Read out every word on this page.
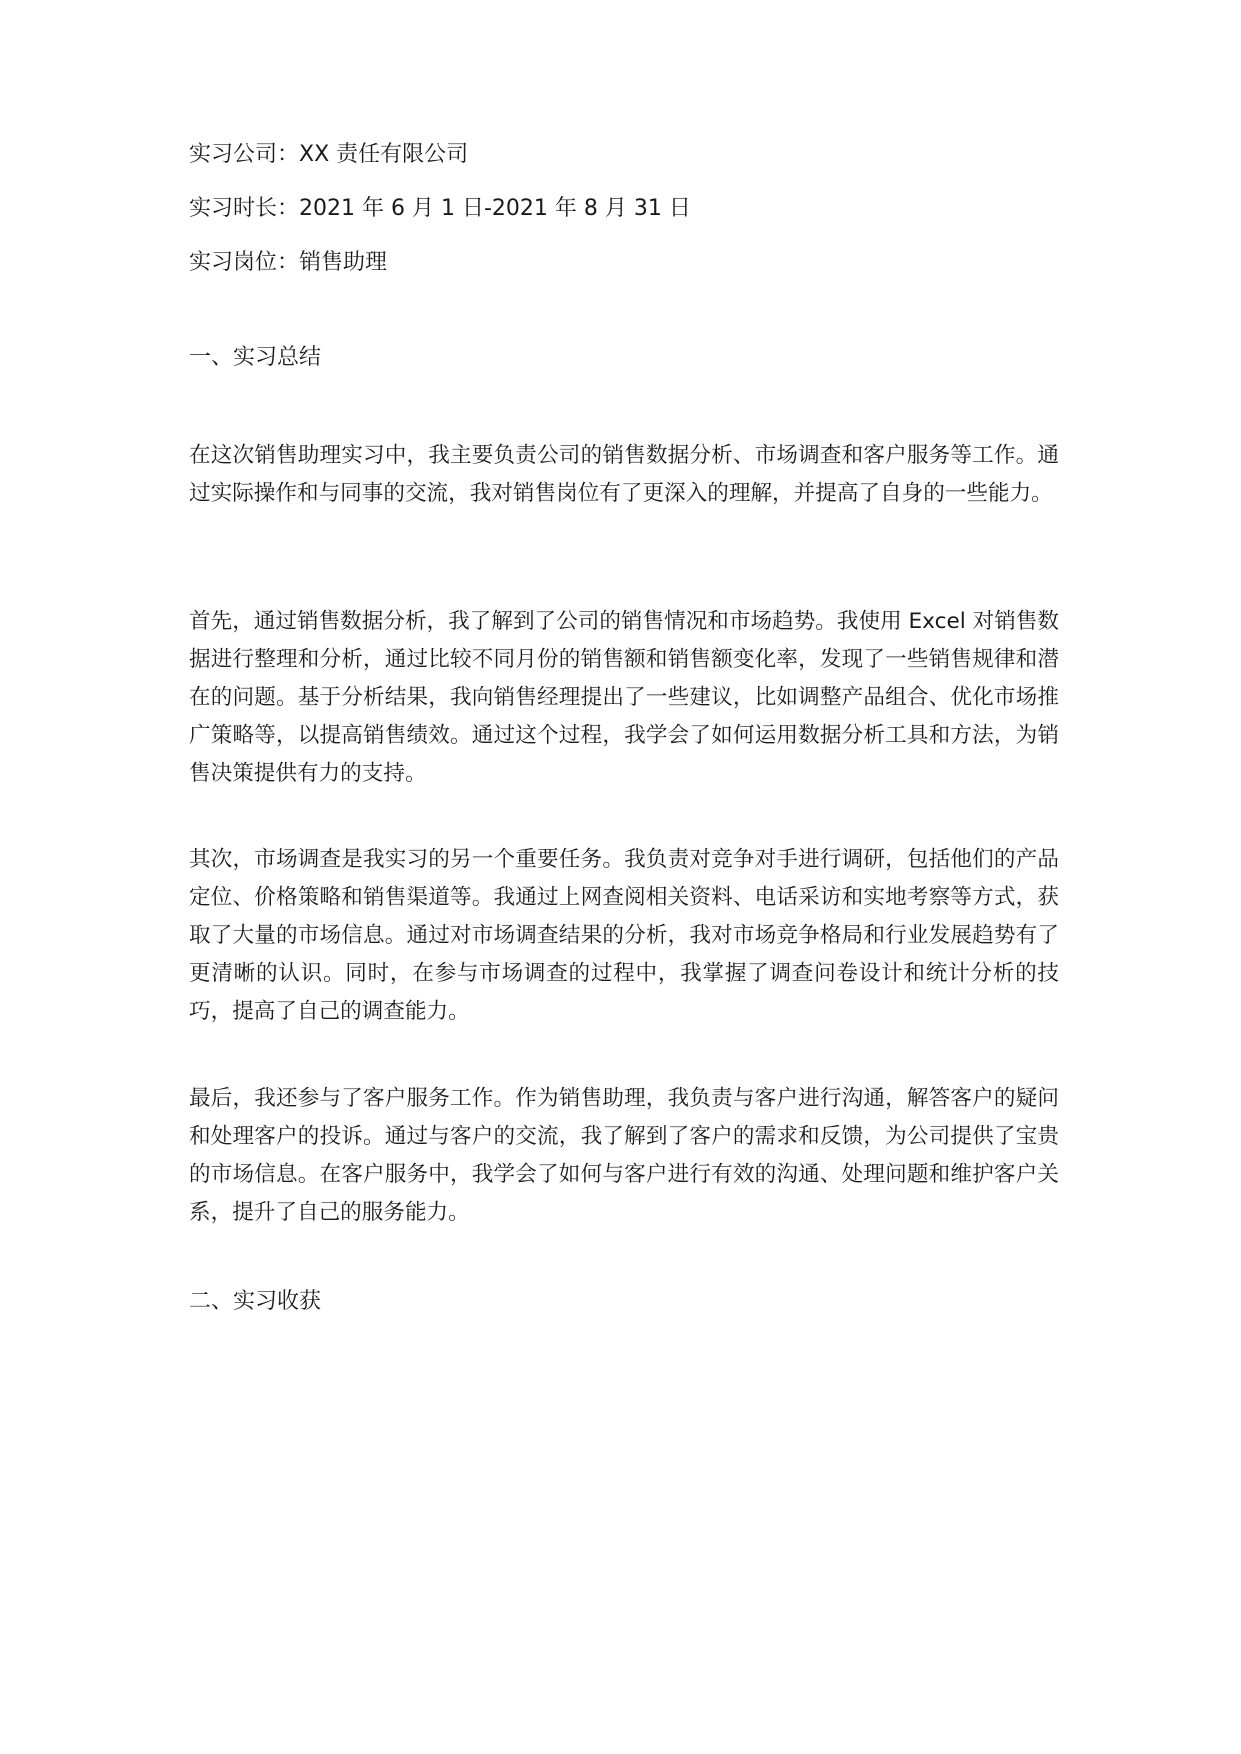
实习公司：XX 责任有限公司
实习时长：2021 年 6 月 1 日-2021 年 8 月 31 日
实习岗位：销售助理
一、实习总结
在这次销售助理实习中，我主要负责公司的销售数据分析、市场调查和客户服务等工作。通过实际操作和与同事的交流，我对销售岗位有了更深入的理解，并提高了自身的一些能力。
首先，通过销售数据分析，我了解到了公司的销售情况和市场趋势。我使用 Excel 对销售数据进行整理和分析，通过比较不同月份的销售额和销售额变化率，发现了一些销售规律和潜在的问题。基于分析结果，我向销售经理提出了一些建议，比如调整产品组合、优化市场推广策略等，以提高销售绩效。通过这个过程，我学会了如何运用数据分析工具和方法，为销售决策提供有力的支持。
其次，市场调查是我实习的另一个重要任务。我负责对竞争对手进行调研，包括他们的产品定位、价格策略和销售渠道等。我通过上网查阅相关资料、电话采访和实地考察等方式，获取了大量的市场信息。通过对市场调查结果的分析，我对市场竞争格局和行业发展趋势有了更清晰的认识。同时，在参与市场调查的过程中，我掌握了调查问卷设计和统计分析的技巧，提高了自己的调查能力。
最后，我还参与了客户服务工作。作为销售助理，我负责与客户进行沟通，解答客户的疑问和处理客户的投诉。通过与客户的交流，我了解到了客户的需求和反馈，为公司提供了宝贵的市场信息。在客户服务中，我学会了如何与客户进行有效的沟通、处理问题和维护客户关系，提升了自己的服务能力。
二、实习收获
